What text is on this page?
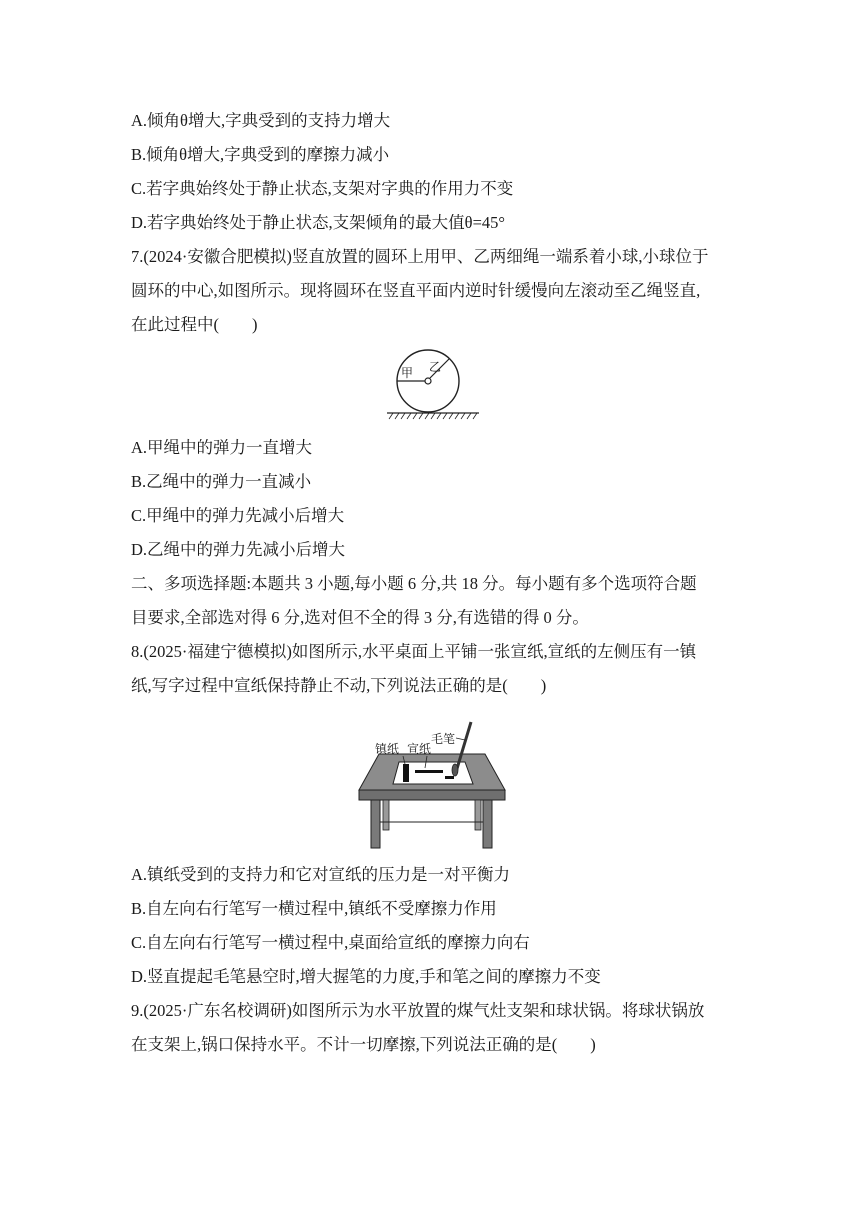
A.倾角θ增大,字典受到的支持力增大
B.倾角θ增大,字典受到的摩擦力减小
C.若字典始终处于静止状态,支架对字典的作用力不变
D.若字典始终处于静止状态,支架倾角的最大值θ=45°
7.(2024·安徽合肥模拟)竖直放置的圆环上用甲、乙两细绳一端系着小球,小球位于
圆环的中心,如图所示。现将圆环在竖直平面内逆时针缓慢向左滚动至乙绳竖直,
在此过程中(　　)
甲 乙
A.甲绳中的弹力一直增大
B.乙绳中的弹力一直减小
C.甲绳中的弹力先减小后增大
D.乙绳中的弹力先减小后增大
二、多项选择题:本题共 3 小题,每小题 6 分,共 18 分。每小题有多个选项符合题
目要求,全部选对得 6 分,选对但不全的得 3 分,有选错的得 0 分。
8.(2025·福建宁德模拟)如图所示,水平桌面上平铺一张宣纸,宣纸的左侧压有一镇
纸,写字过程中宣纸保持静止不动,下列说法正确的是(　　)
镇纸 宣纸
毛笔
A.镇纸受到的支持力和它对宣纸的压力是一对平衡力
B.自左向右行笔写一横过程中,镇纸不受摩擦力作用
C.自左向右行笔写一横过程中,桌面给宣纸的摩擦力向右
D.竖直提起毛笔悬空时,增大握笔的力度,手和笔之间的摩擦力不变
9.(2025·广东名校调研)如图所示为水平放置的煤气灶支架和球状锅。将球状锅放
在支架上,锅口保持水平。不计一切摩擦,下列说法正确的是(　　)
